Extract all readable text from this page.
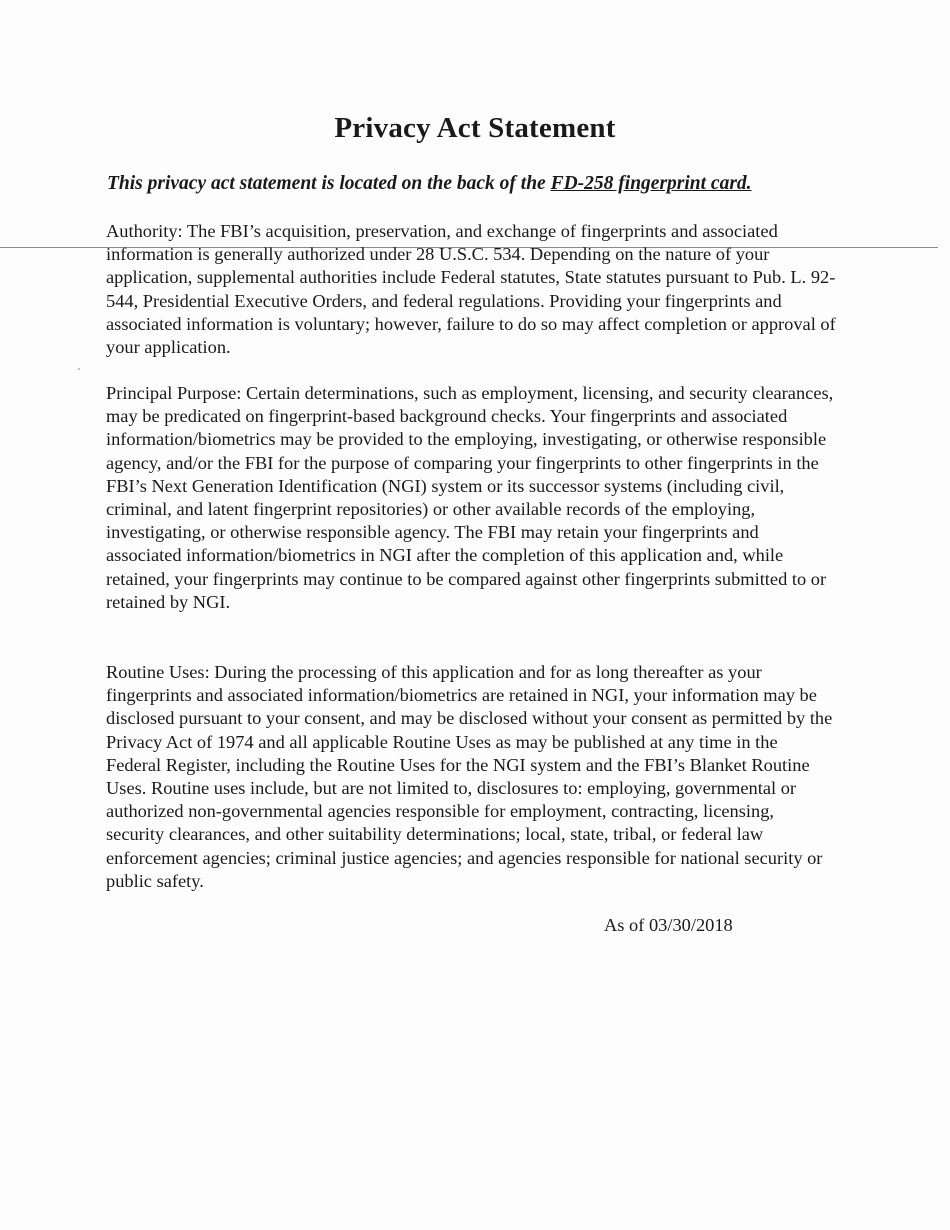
Privacy Act Statement
This privacy act statement is located on the back of the FD-258 fingerprint card.
Authority: The FBI’s acquisition, preservation, and exchange of fingerprints and associated information is generally authorized under 28 U.S.C. 534. Depending on the nature of your application, supplemental authorities include Federal statutes, State statutes pursuant to Pub. L. 92-544, Presidential Executive Orders, and federal regulations. Providing your fingerprints and associated information is voluntary; however, failure to do so may affect completion or approval of your application.
Principal Purpose: Certain determinations, such as employment, licensing, and security clearances, may be predicated on fingerprint-based background checks. Your fingerprints and associated information/biometrics may be provided to the employing, investigating, or otherwise responsible agency, and/or the FBI for the purpose of comparing your fingerprints to other fingerprints in the FBI’s Next Generation Identification (NGI) system or its successor systems (including civil, criminal, and latent fingerprint repositories) or other available records of the employing, investigating, or otherwise responsible agency. The FBI may retain your fingerprints and associated information/biometrics in NGI after the completion of this application and, while retained, your fingerprints may continue to be compared against other fingerprints submitted to or retained by NGI.
Routine Uses: During the processing of this application and for as long thereafter as your fingerprints and associated information/biometrics are retained in NGI, your information may be disclosed pursuant to your consent, and may be disclosed without your consent as permitted by the Privacy Act of 1974 and all applicable Routine Uses as may be published at any time in the Federal Register, including the Routine Uses for the NGI system and the FBI’s Blanket Routine Uses. Routine uses include, but are not limited to, disclosures to: employing, governmental or authorized non-governmental agencies responsible for employment, contracting, licensing, security clearances, and other suitability determinations; local, state, tribal, or federal law enforcement agencies; criminal justice agencies; and agencies responsible for national security or public safety.
As of 03/30/2018
